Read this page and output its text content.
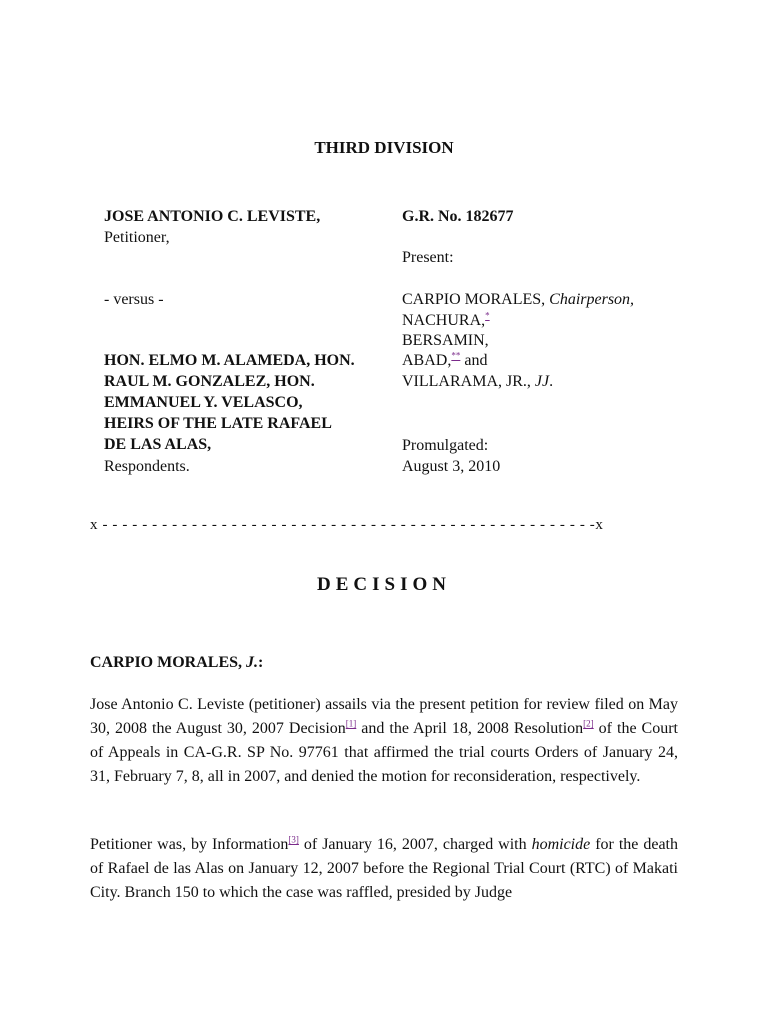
THIRD DIVISION
JOSE ANTONIO C. LEVISTE,
Petitioner,
- versus -
HON. ELMO M. ALAMEDA, HON.
RAUL M. GONZALEZ, HON.
EMMANUEL Y. VELASCO,
HEIRS OF THE LATE RAFAEL
DE LAS ALAS,
Respondents.
G.R. No. 182677
Present:
CARPIO MORALES, Chairperson,
NACHURA,*
BERSAMIN,
ABAD,** and
VILLARAMA, JR., JJ.
Promulgated:
August 3, 2010
x - - - - - - - - - - - - - - - - - - - - - - - - - - - - - - - - - - - - - - - - - - - - - - - - - -x
DECISION
CARPIO MORALES, J.:
Jose Antonio C. Leviste (petitioner) assails via the present petition for review filed on May 30, 2008 the August 30, 2007 Decision[1] and the April 18, 2008 Resolution[2] of the Court of Appeals in CA-G.R. SP No. 97761 that affirmed the trial courts Orders of January 24, 31, February 7, 8, all in 2007, and denied the motion for reconsideration, respectively.
Petitioner was, by Information[3] of January 16, 2007, charged with homicide for the death of Rafael de las Alas on January 12, 2007 before the Regional Trial Court (RTC) of Makati City. Branch 150 to which the case was raffled, presided by Judge
